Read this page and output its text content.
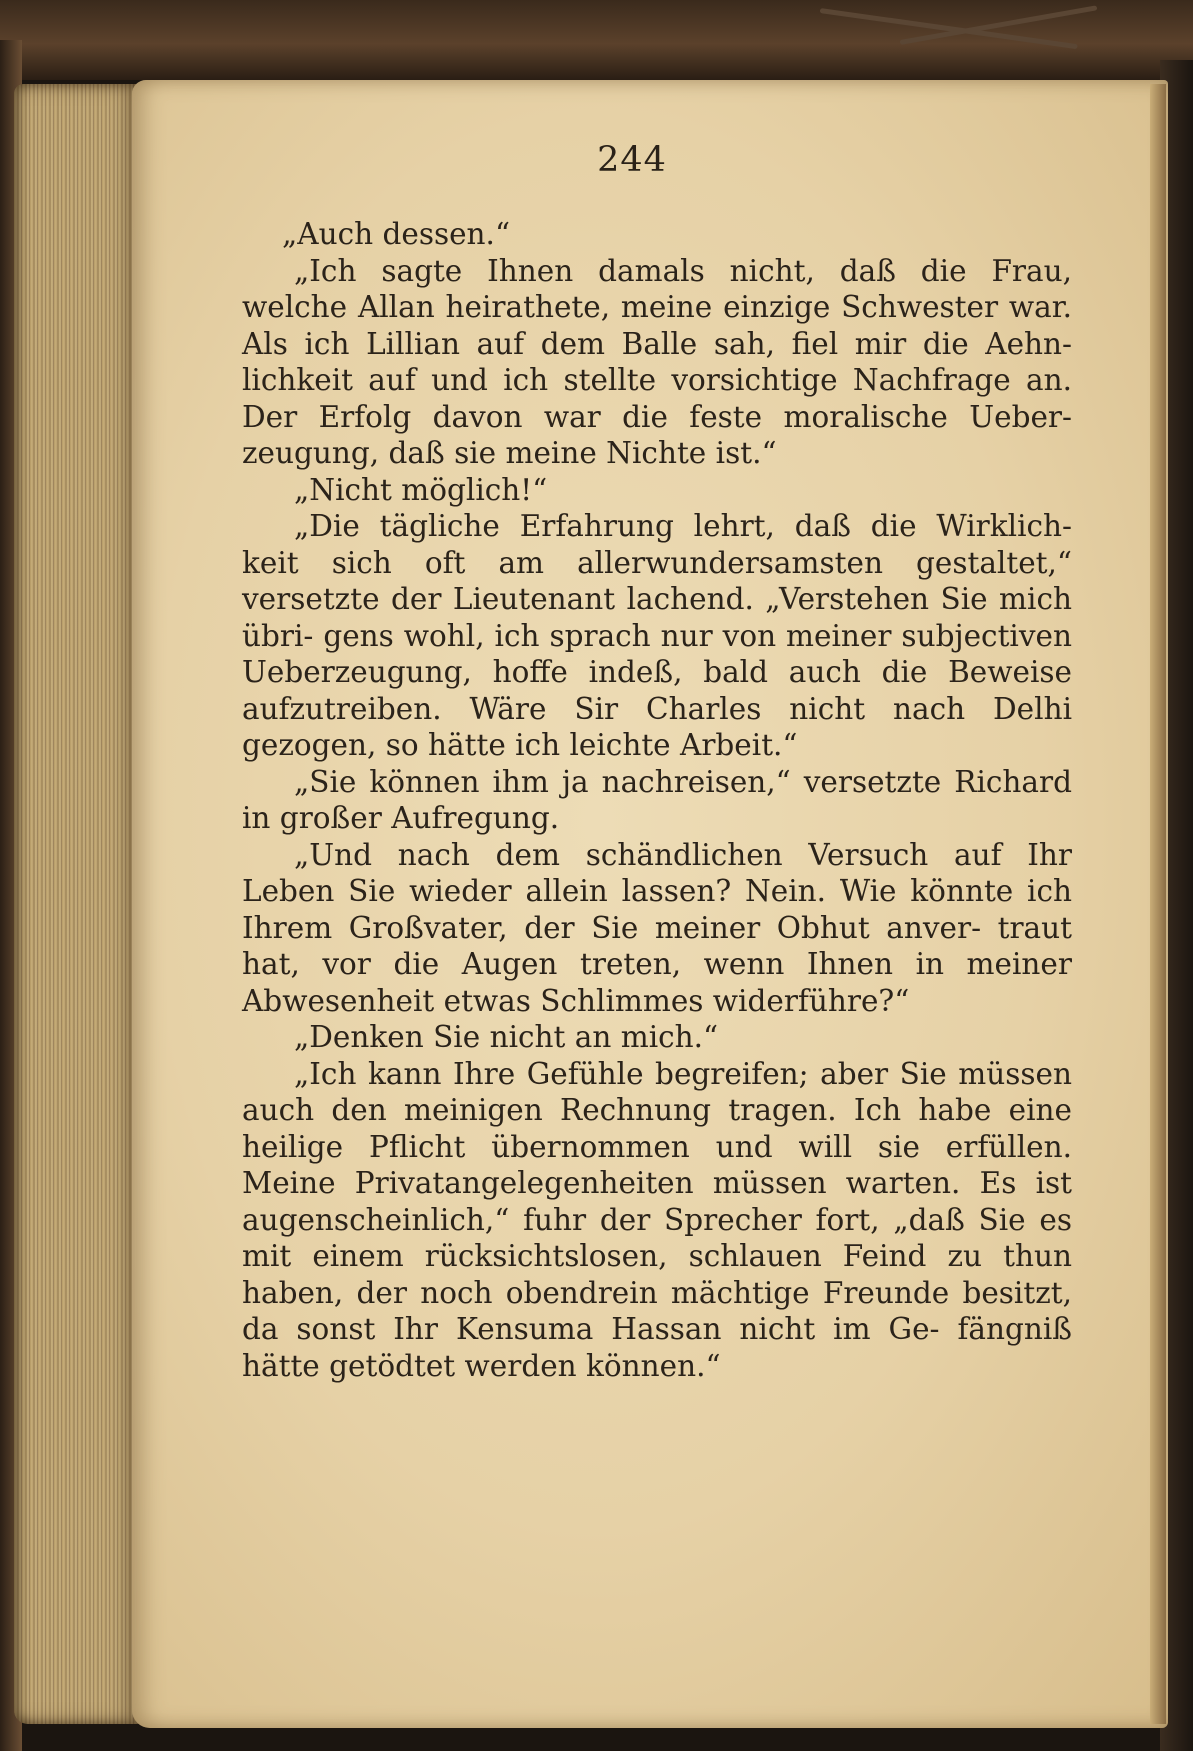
244

„Auch dessen.“

„Ich sagte Ihnen damals nicht, daß die Frau, welche Allan heirathete, meine einzige Schwester war. Als ich Lillian auf dem Balle sah, fiel mir die Aehn- lichkeit auf und ich stellte vorsichtige Nachfrage an. Der Erfolg davon war die feste moralische Ueber- zeugung, daß sie meine Nichte ist.“

„Nicht möglich!“

„Die tägliche Erfahrung lehrt, daß die Wirklich- keit sich oft am allerwundersamsten gestaltet,“ versetzte der Lieutenant lachend. „Verstehen Sie mich übri- gens wohl, ich sprach nur von meiner subjectiven Ueberzeugung, hoffe indeß, bald auch die Beweise aufzutreiben. Wäre Sir Charles nicht nach Delhi gezogen, so hätte ich leichte Arbeit.“

„Sie können ihm ja nachreisen,“ versetzte Richard in großer Aufregung.

„Und nach dem schändlichen Versuch auf Ihr Leben Sie wieder allein lassen? Nein. Wie könnte ich Ihrem Großvater, der Sie meiner Obhut anver- traut hat, vor die Augen treten, wenn Ihnen in meiner Abwesenheit etwas Schlimmes widerführe?“

„Denken Sie nicht an mich.“

„Ich kann Ihre Gefühle begreifen; aber Sie müssen auch den meinigen Rechnung tragen. Ich habe eine heilige Pflicht übernommen und will sie erfüllen. Meine Privatangelegenheiten müssen warten. Es ist augenscheinlich,“ fuhr der Sprecher fort, „daß Sie es mit einem rücksichtslosen, schlauen Feind zu thun haben, der noch obendrein mächtige Freunde besitzt, da sonst Ihr Kensuma Hassan nicht im Ge- fängniß hätte getödtet werden können.“
